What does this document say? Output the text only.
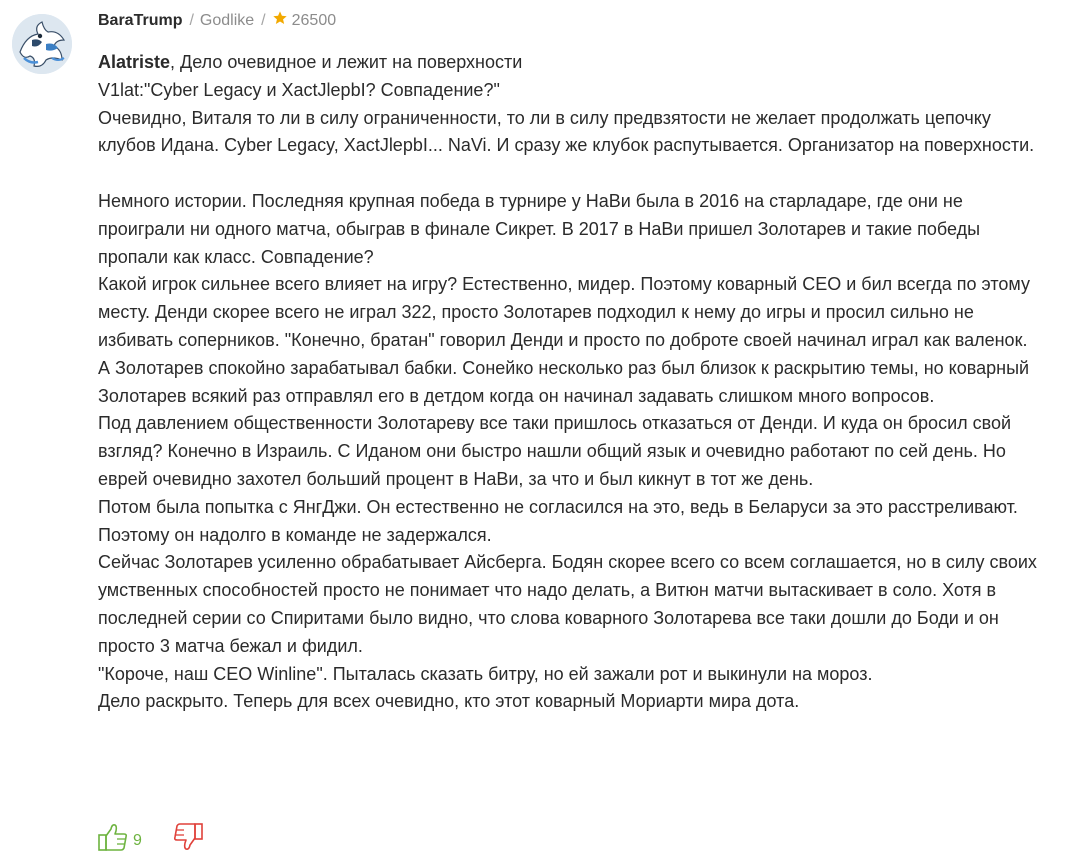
BaraTrump / Godlike / 26500

Alatriste, Дело очевидное и лежит на поверхности

V1lat:"Cyber Legacy и XactJlepbI? Совпадение?"

Очевидно, Виталя то ли в силу ограниченности, то ли в силу предвзятости не желает продолжать цепочку клубов Идана. Cyber Legacy, XactJlepbI... NaVi. И сразу же клубок распутывается. Организатор на поверхности.

Немного истории. Последняя крупная победа в турнире у НаВи была в 2016 на старладаре, где они не проиграли ни одного матча, обыграв в финале Сикрет. В 2017 в НаВи пришел Золотарев и такие победы пропали как класс. Совпадение?

Какой игрок сильнее всего влияет на игру? Естественно, мидер. Поэтому коварный CEO и бил всегда по этому месту. Денди скорее всего не играл 322, просто Золотарев подходил к нему до игры и просил сильно не избивать соперников. "Конечно, братан" говорил Денди и просто по доброте своей начинал играл как валенок. А Золотарев спокойно зарабатывал бабки. Сонейко несколько раз был близок к раскрытию темы, но коварный Золотарев всякий раз отправлял его в детдом когда он начинал задавать слишком много вопросов.

Под давлением общественности Золотареву все таки пришлось отказаться от Денди. И куда он бросил свой взгляд? Конечно в Израиль. С Иданом они быстро нашли общий язык и очевидно работают по сей день. Но еврей очевидно захотел больший процент в НаВи, за что и был кикнут в тот же день.

Потом была попытка с ЯнгДжи. Он естественно не согласился на это, ведь в Беларуси за это расстреливают. Поэтому он надолго в команде не задержался.

Сейчас Золотарев усиленно обрабатывает Айсберга. Бодян скорее всего со всем соглашается, но в силу своих умственных способностей просто не понимает что надо делать, а Витюн матчи вытаскивает в соло. Хотя в последней серии со Спиритами было видно, что слова коварного Золотарева все таки дошли до Боди и он просто 3 матча бежал и фидил.

"Короче, наш CEO Winline". Пыталась сказать битру, но ей зажали рот и выкинули на мороз.

Дело раскрыто. Теперь для всех очевидно, кто этот коварный Мориарти мира дота.

9
